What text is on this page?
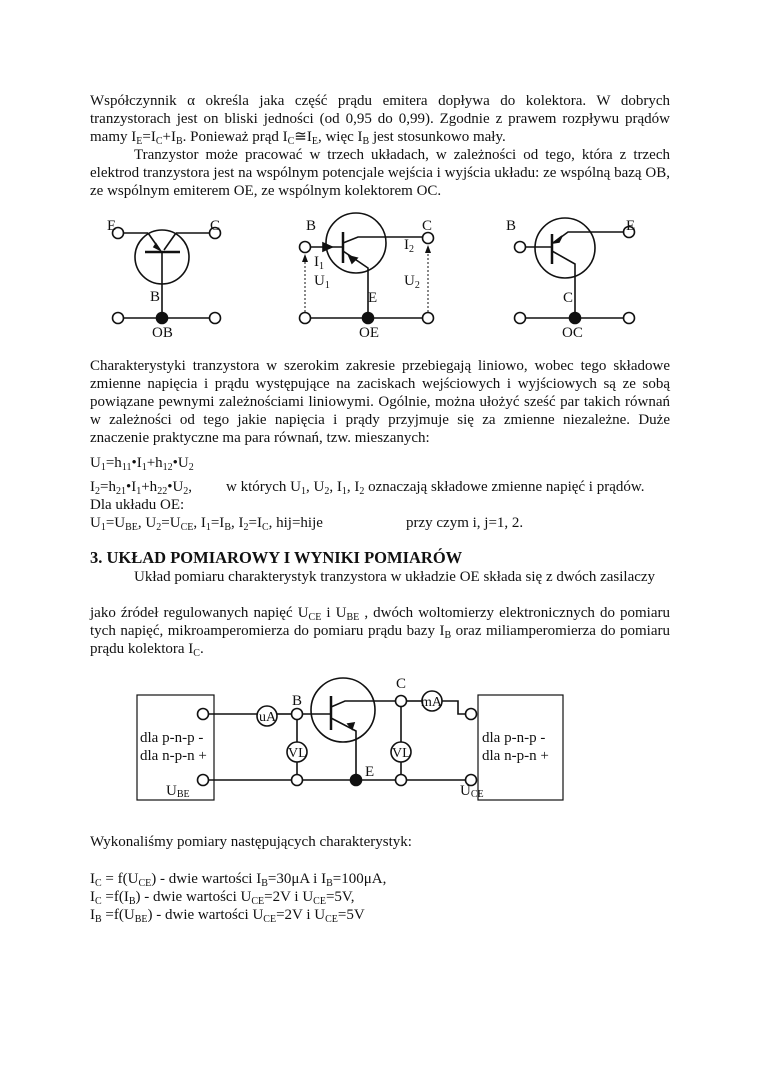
Współczynnik α określa jaka część prądu emitera dopływa do kolektora. W dobrych tranzystorach jest on bliski jedności (od 0,95 do 0,99). Zgodnie z prawem rozpływu prądów mamy $I_E=I_C+I_B$. Ponieważ prąd $I_C≅I_E$, więc $I_B$ jest stosunkowo mały.

Tranzystor może pracować w trzech układach, w zależności od tego, która z trzech elektrod tranzystora jest na wspólnym potencjale wejścia i wyjścia układu: ze wspólną bazą OB, ze wspólnym emiterem OE, ze wspólnym kolektorem OC.

E	C
B
OB
B	C
E
$I_1$
$U_1$
$I_2$
$U_2$
OE
B	E
C
OC
uA
mA
VL	VL
B
C
E
dla p-n-p -
dla n-p-n +
UBE
dla p-n-p -
dla n-p-n +
UCE

Charakterystyki tranzystora w szerokim zakresie przebiegają liniowo, wobec tego składowe zmienne napięcia i prądu występujące na zaciskach wejściowych i wyjściowych są ze sobą powiązane pewnymi zależnościami liniowymi. Ogólnie, można ułożyć sześć par takich równań w zależności od tego jakie napięcia i prądy przyjmuje się za zmienne niezależne. Duże znaczenie praktyczne ma para równań, tzw. mieszanych:

$U_1=h_{11}•I_1+h_{12}•U_2$
$I_2=h_{21}•I_1+h_{22}•U_2$, w których $U_1$, $U_2$, $I_1$, $I_2$ oznaczają składowe zmienne napięć i prądów.
Dla układu OE:
$U_1=U_{BE}$, $U_2=U_{CE}$, $I_1=I_B$, $I_2=I_C$, hij=hije	przy czym i, j=1, 2.
3. UKŁAD POMIAROWY I WYNIKI POMIARÓW

Układ pomiaru charakterystyk tranzystora w układzie OE składa się z dwóch zasilaczy

jako źródeł regulowanych napięć $U_{CE}$ i $U_{BE}$ , dwóch woltomierzy elektronicznych do pomiaru tych napięć, mikroamperomierza do pomiaru prądu bazy $I_B$ oraz miliamperomierza do pomiaru prądu kolektora $I_C$.

Wykonaliśmy pomiary następujących charakterystyk:
$I_C = f(U_{CE})$ - dwie wartości $I_B=30\mu A$ i $I_B=100\mu A$,
$I_C =f(I_B)$ - dwie wartości $U_{CE}=2V$ i $U_{CE}=5V$,
$I_B =f(U_{BE})$ - dwie wartości $U_{CE}=2V$ i $U_{CE}=5V$
